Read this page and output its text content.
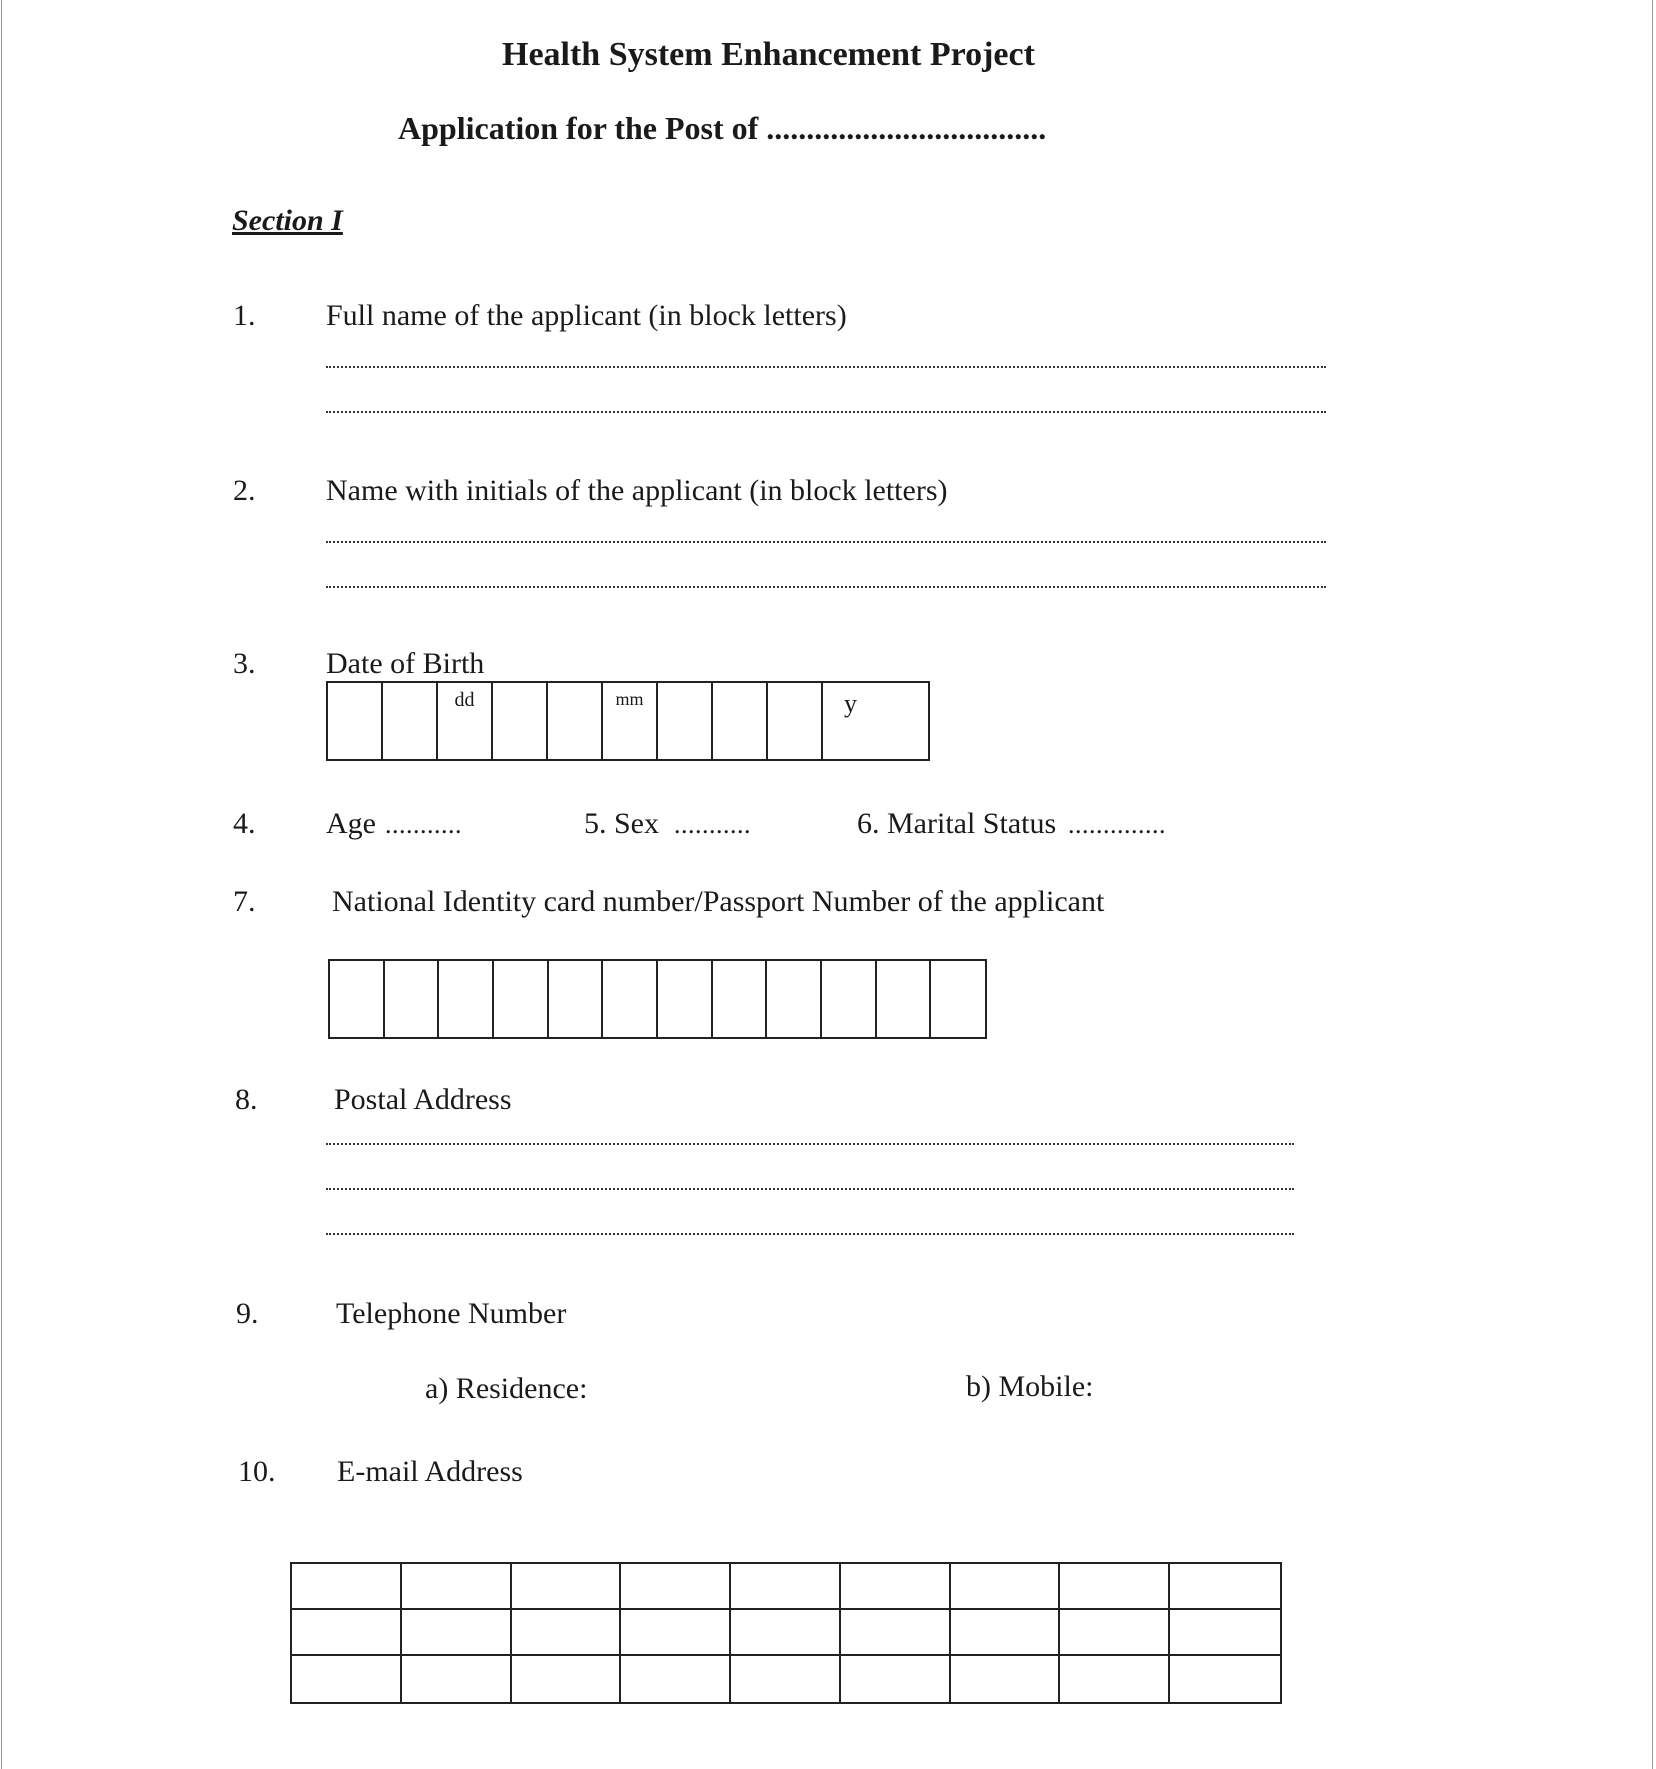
Health System Enhancement Project
Application for the Post of ...................................
Section I
1. Full name of the applicant (in block letters)
2. Name with initials of the applicant (in block letters)
3. Date of Birth
dd	mm	y
4. Age ...........	5. Sex ...........	6. Marital Status ..............
7.	National Identity card number/Passport Number of the applicant
8.	Postal Address
9.	Telephone Number
a) Residence:	b) Mobile:
10. E-mail Address
